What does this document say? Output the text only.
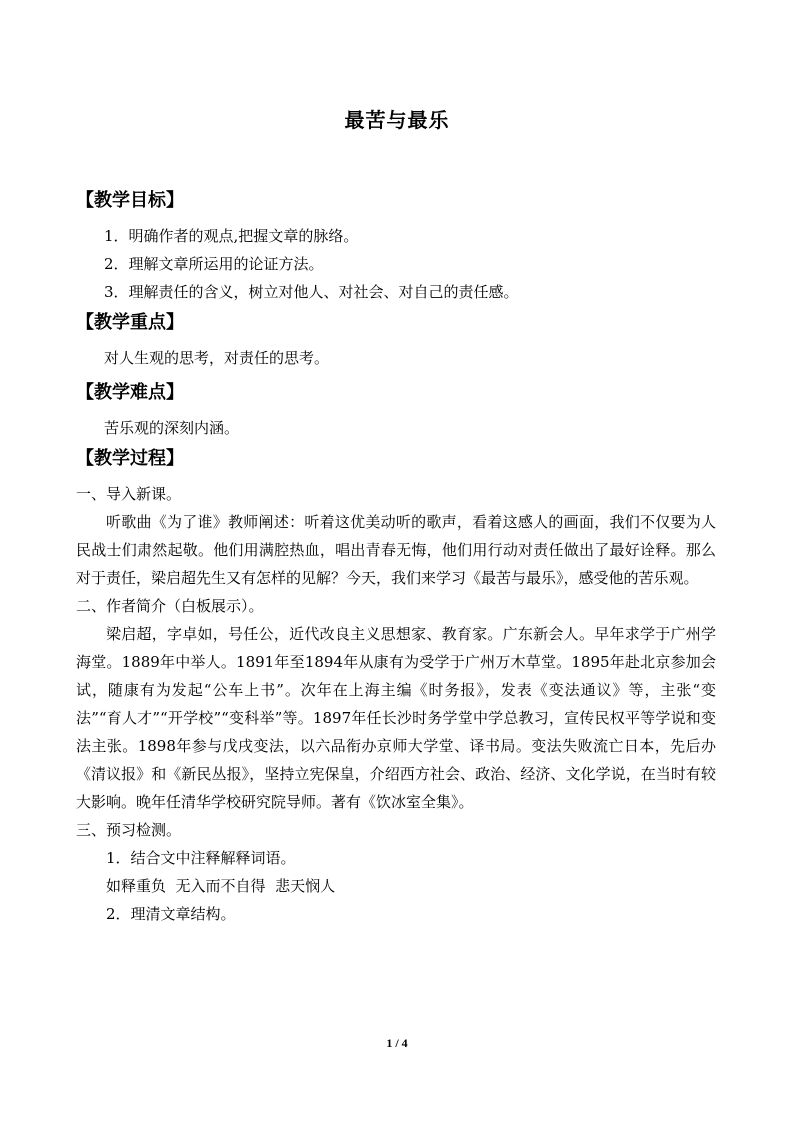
最苦与最乐
【教学目标】
1．明确作者的观点,把握文章的脉络。
2．理解文章所运用的论证方法。
3．理解责任的含义，树立对他人、对社会、对自己的责任感。
【教学重点】
对人生观的思考，对责任的思考。
【教学难点】
苦乐观的深刻内涵。
【教学过程】
一、导入新课。
听歌曲《为了谁》教师阐述：听着这优美动听的歌声，看着这感人的画面，我们不仅要为人民战士们肃然起敬。他们用满腔热血，唱出青春无悔，他们用行动对责任做出了最好诠释。那么对于责任，梁启超先生又有怎样的见解？今天，我们来学习《最苦与最乐》，感受他的苦乐观。
二、作者简介（白板展示）。
梁启超，字卓如，号任公，近代改良主义思想家、教育家。广东新会人。早年求学于广州学海堂。1889年中举人。1891年至1894年从康有为受学于广州万木草堂。1895年赴北京参加会试，随康有为发起“公车上书”。次年在上海主编《时务报》，发表《变法通议》等，主张“变法”“育人才”“开学校”“变科举”等。1897年任长沙时务学堂中学总教习，宣传民权平等学说和变法主张。1898年参与戊戌变法，以六品衔办京师大学堂、译书局。变法失败流亡日本，先后办《清议报》和《新民丛报》，坚持立宪保皇，介绍西方社会、政治、经济、文化学说，在当时有较大影响。晚年任清华学校研究院导师。著有《饮冰室全集》。
三、预习检测。
1．结合文中注释解释词语。
如释重负  无入而不自得  悲天悯人
2．理清文章结构。
1 / 4
